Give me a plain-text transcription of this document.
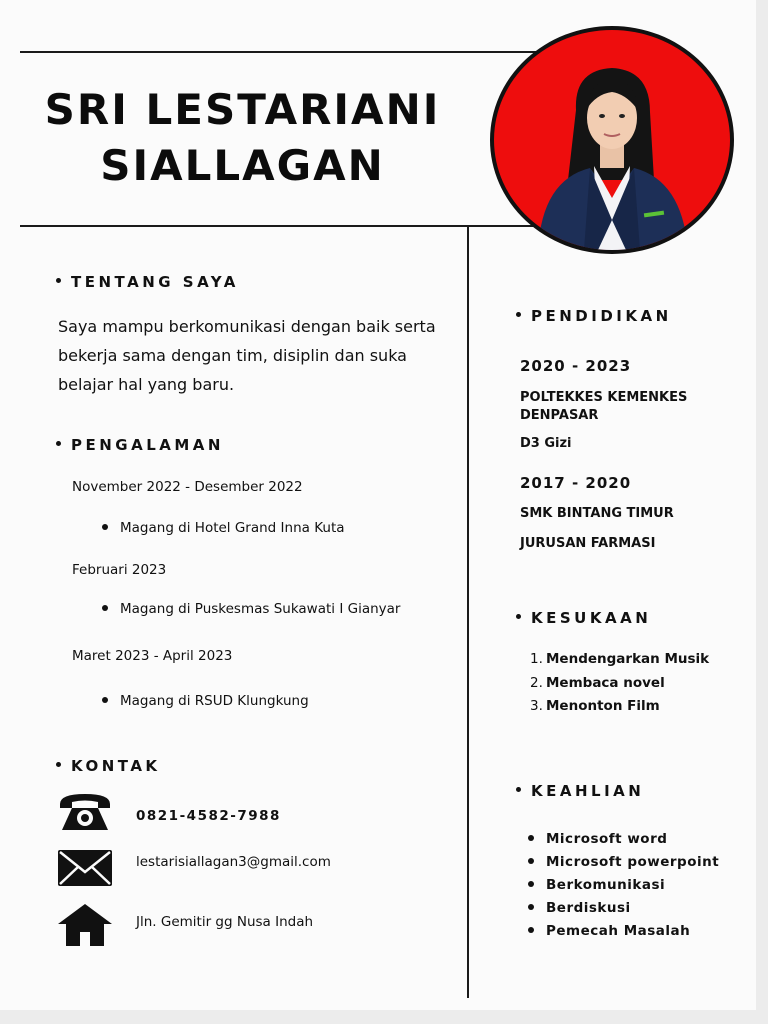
SRI LESTARIANI
SIALLAGAN
TENTANG SAYA
Saya mampu berkomunikasi dengan baik serta bekerja sama dengan tim, disiplin dan suka belajar hal yang baru.
PENGALAMAN
November 2022 - Desember 2022
Magang di Hotel Grand Inna Kuta
Februari 2023
Magang di Puskesmas Sukawati I Gianyar
Maret 2023 - April 2023
Magang di RSUD Klungkung
KONTAK
0821-4582-7988
lestarisiallagan3@gmail.com
Jln. Gemitir gg Nusa Indah
PENDIDIKAN
2020 - 2023
POLTEKKES KEMENKES DENPASAR
D3 Gizi
2017 - 2020
SMK BINTANG TIMUR
JURUSAN FARMASI
KESUKAAN
1. Mendengarkan Musik
2. Membaca novel
3. Menonton Film
KEAHLIAN
Microsoft word
Microsoft powerpoint
Berkomunikasi
Berdiskusi
Pemecah Masalah
